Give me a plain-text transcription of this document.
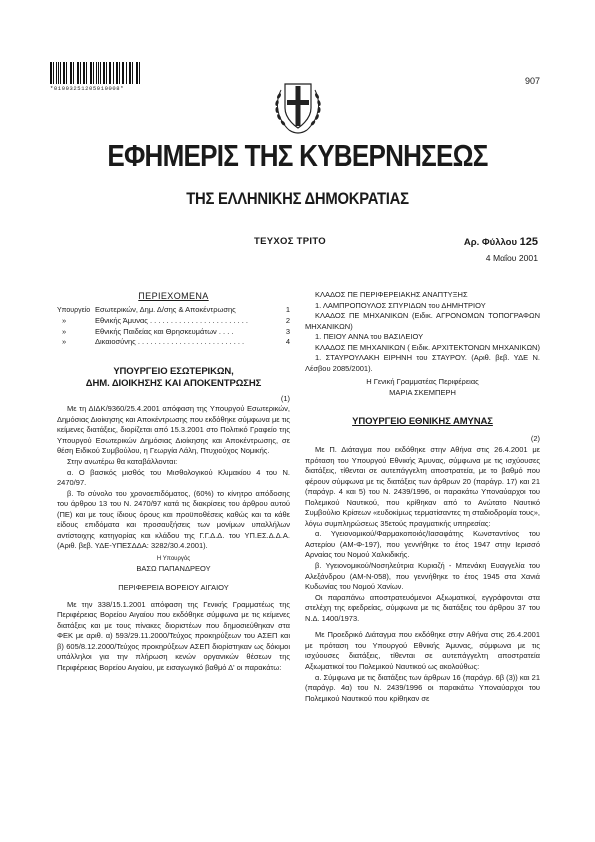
*01003251205010008*
907
ΕΦΗΜΕΡΙΣ ΤΗΣ ΚΥΒΕΡΝΗΣΕΩΣ
ΤΗΣ ΕΛΛΗΝΙΚΗΣ ΔΗΜΟΚΡΑΤΙΑΣ
ΤΕΥΧΟΣ ΤΡΙΤΟ	Αρ. Φύλλου 125
4 Μαΐου 2001
ΠΕΡΙΕΧΟΜΕΝΑ
Υπουργείο Εσωτερικών, Δημ. Δ/σης & Αποκέντρωσης	1
»	Εθνικής Άμυνας . . . . . . . . . . . . . . . . . . . . . . . .	2
»	Εθνικής Παιδείας και Θρησκευμάτων . . . .	3
»	Δικαιοσύνης . . . . . . . . . . . . . . . . . . . . . . . . . .	4
ΥΠΟΥΡΓΕΙΟ ΕΣΩΤΕΡΙΚΩΝ,
ΔΗΜ. ΔΙΟΙΚΗΣΗΣ ΚΑΙ ΑΠΟΚΕΝΤΡΩΣΗΣ
(1)

Με τη ΔΙΔΚ/9360/25.4.2001 απόφαση της Υπουργού Εσωτερικών, Δημόσιας Διοίκησης και Αποκέντρωσης που εκδόθηκε σύμφωνα με τις κείμενες διατάξεις, διορίζεται από 15.3.2001 στο Πολιτικό Γραφείο της Υπουργού Εσωτερικών Δημόσιας Διοίκησης και Αποκέντρωσης, σε θέση Ειδικού Συμβούλου, η Γεωργία Λάλη, Πτυχιούχος Νομικής.

Στην ανωτέρω θα καταβάλλονται:

α. Ο βασικός μισθός του Μισθολογικού Κλιμακίου 4 του Ν. 2470/97.

β. Το σύνολο του χρονοεπιδόματος, (60%) το κίνητρο απόδοσης του άρθρου 13 του Ν. 2470/97 κατά τις διακρίσεις του άρθρου αυτού (ΠΕ) και με τους ίδιους όρους και προϋποθέσεις καθώς και τα κάθε είδους επιδόματα και προσαυξήσεις των μονίμων υπαλλήλων αντίστοιχης κατηγορίας και κλάδου της Γ.Γ.Δ.Δ. του ΥΠ.ΕΣ.Δ.Δ.Α. (Αριθ. βεβ. ΥΔΕ-ΥΠΕΣΔΔΑ: 3282/30.4.2001).

Η Υπουργός
ΒΑΣΩ ΠΑΠΑΝΔΡΕΟΥ
ΠΕΡΙΦΕΡΕΙΑ ΒΟΡΕΙΟΥ ΑΙΓΑΙΟΥ

Με την 338/15.1.2001 απόφαση της Γενικής Γραμματέως της Περιφέρειας Βορείου Αιγαίου που εκδόθηκε σύμφωνα με τις κείμενες διατάξεις και με τους πίνακες διοριστέων που δημοσιεύθηκαν στα ΦΕΚ με αριθ. α) 593/29.11.2000/Τεύχος προκηρύξεων του ΑΣΕΠ και β) 605/8.12.2000/Τεύχος προκηρύξεων ΑΣΕΠ διορίστηκαν ως δόκιμοι υπάλληλοι για την πλήρωση κενών οργανικών θέσεων της Περιφέρειας Βορείου Αιγαίου, με εισαγωγικό βαθμό Δ' οι παρακάτω:

ΚΛΑΔΟΣ ΠΕ ΠΕΡΙΦΕΡΕΙΑΚΗΣ ΑΝΑΠΤΥΞΗΣ

1. ΛΑΜΠΡΟΠΟΥΛΟΣ ΣΠΥΡΙΔΩΝ του ΔΗΜΗΤΡΙΟΥ

ΚΛΑΔΟΣ ΠΕ ΜΗΧΑΝΙΚΩΝ (Ειδικ. ΑΓΡΟΝΟΜΩΝ ΤΟΠΟΓΡΑΦΩΝ ΜΗΧΑΝΙΚΩΝ)

1. ΠΕΙΟΥ ΑΝΝΑ του ΒΑΣΙΛΕΙΟΥ

ΚΛΑΔΟΣ ΠΕ ΜΗΧΑΝΙΚΩΝ ( Ειδικ. ΑΡΧΙΤΕΚΤΟΝΩΝ ΜΗΧΑΝΙΚΩΝ)

1. ΣΤΑΥΡΟΥΛΑΚΗ ΕΙΡΗΝΗ του ΣΤΑΥΡΟΥ. (Αριθ. βεβ. ΥΔΕ Ν. Λέσβου 2085/2001).

Η Γενική Γραμματέας Περιφέρειας
ΜΑΡΙΑ ΣΚΕΜΠΕΡΗ
ΥΠΟΥΡΓΕΙΟ ΕΘΝΙΚΗΣ ΑΜΥΝΑΣ
(2)

Με Π. Διάταγμα που εκδόθηκε στην Αθήνα στις 26.4.2001 με πρόταση του Υπουργού Εθνικής Άμυνας, σύμφωνα με τις ισχύουσες διατάξεις, τίθενται σε αυτεπάγγελτη αποστρατεία, με το βαθμό που φέρουν σύμφωνα με τις διατάξεις των άρθρων 20 (παράγρ. 17) και 21 (παράγρ. 4 και 5) του Ν. 2439/1996, οι παρακάτω Υποναύαρχοι του Πολεμικού Ναυτικού, που κρίθηκαν από το Ανώτατο Ναυτικό Συμβούλιο Κρίσεων «ευδοκίμως τερματίσαντες τη σταδιοδρομία τους», λόγω συμπληρώσεως 35ετούς πραγματικής υπηρεσίας:

α. Υγειονομικού/Φαρμακοποιός/Ιασαφάτης Κωνσταντίνος του Αστερίου (ΑΜ-Φ-197), που γεννήθηκε το έτος 1947 στην Ιερισσό Αρναίας του Νομού Χαλκιδικής.

β. Υγειονομικού/Νοσηλεύτρια Κυριαζή - Μπενάκη Ευαγγελία του Αλεξάνδρου (ΑΜ-Ν-058), που γεννήθηκε το έτος 1945 στα Χανιά Κυδωνίας του Νομού Χανίων.

Οι παραπάνω αποστρατευόμενοι Αξιωματικοί, εγγράφονται στα στελέχη της εφεδρείας, σύμφωνα με τις διατάξεις του άρθρου 37 του Ν.Δ. 1400/1973.

Με Προεδρικό Διάταγμα που εκδόθηκε στην Αθήνα στις 26.4.2001 με πρόταση του Υπουργού Εθνικής Άμυνας, σύμφωνα με τις ισχύουσες διατάξεις, τίθενται σε αυτεπάγγελτη αποστρατεία Αξιωματικοί του Πολεμικού Ναυτικού ως ακολούθως:

α. Σύμφωνα με τις διατάξεις των άρθρων 16 (παράγρ. 6β (3)) και 21 (παράγρ. 4α) του Ν. 2439/1996 οι παρακάτω Υποναύαρχοι του Πολεμικού Ναυτικού που κρίθηκαν σε
